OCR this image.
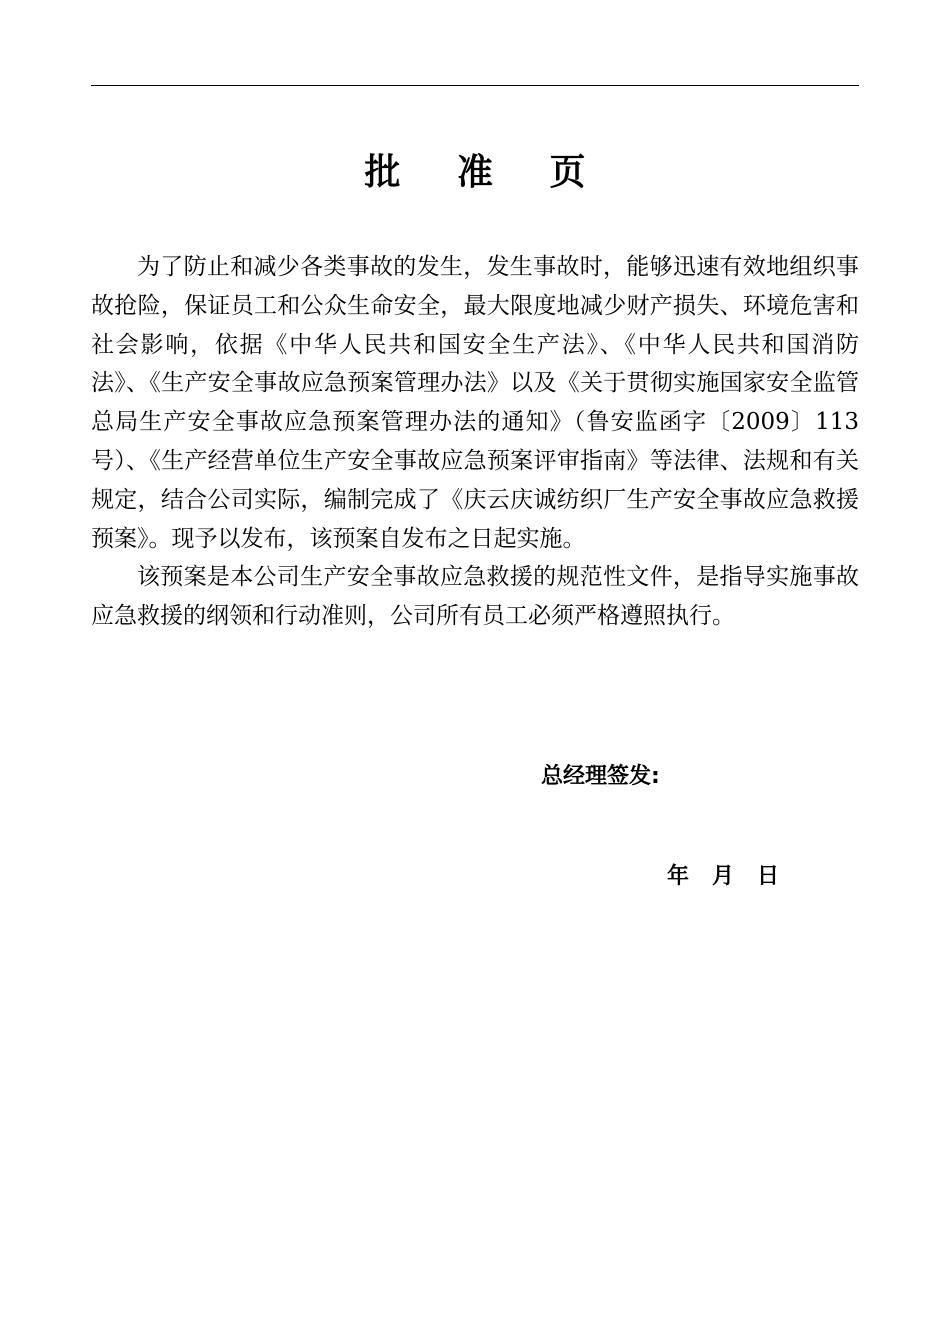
批 准 页

为了防止和减少各类事故的发生，发生事故时，能够迅速有效地组织事故抢险，保证员工和公众生命安全，最大限度地减少财产损失、环境危害和社会影响，依据《中华人民共和国安全生产法》、《中华人民共和国消防法》、《生产安全事故应急预案管理办法》以及《关于贯彻实施国家安全监管总局生产安全事故应急预案管理办法的通知》（鲁安监函字〔2009〕113号）、《生产经营单位生产安全事故应急预案评审指南》等法律、法规和有关规定，结合公司实际，编制完成了《庆云庆诚纺织厂生产安全事故应急救援预案》。现予以发布，该预案自发布之日起实施。

该预案是本公司生产安全事故应急救援的规范性文件，是指导实施事故应急救援的纲领和行动准则，公司所有员工必须严格遵照执行。

总经理签发:
年   月   日
